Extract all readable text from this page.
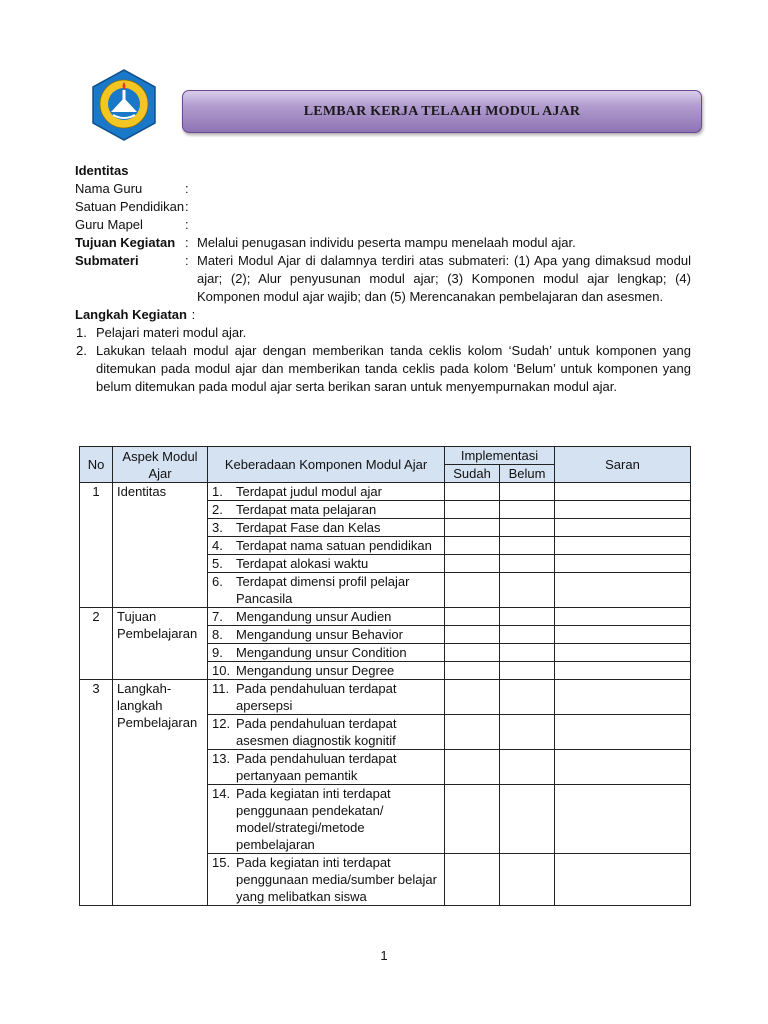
LEMBAR KERJA TELAAH MODUL AJAR
Identitas
Nama Guru	:
Satuan Pendidikan :
Guru Mapel	:
Tujuan Kegiatan : Melalui penugasan individu peserta mampu menelaah modul ajar.
Submateri	: Materi Modul Ajar di dalamnya terdiri atas submateri: (1) Apa yang dimaksud modul ajar; (2); Alur penyusunan modul ajar; (3) Komponen modul ajar lengkap; (4) Komponen modul ajar wajib; dan (5) Merencanakan pembelajaran dan asesmen.
Langkah Kegiatan :
1. Pelajari materi modul ajar.
2. Lakukan telaah modul ajar dengan memberikan tanda ceklis kolom ‘Sudah’ untuk komponen yang ditemukan pada modul ajar dan memberikan tanda ceklis pada kolom ‘Belum’ untuk komponen yang belum ditemukan pada modul ajar serta berikan saran untuk menyempurnakan modul ajar.
No	Aspek Modul Ajar	Keberadaan Komponen Modul Ajar	Implementasi		Saran
			Sudah	Belum	
1	Identitas	1. Terdapat judul modul ajar			

		2. Terdapat mata pelajaran			

		3. Terdapat Fase dan Kelas			

		4. Terdapat nama satuan pendidikan			

		5. Terdapat alokasi waktu			

		6. Terdapat dimensi profil pelajar Pancasila			

2	Tujuan Pembelajaran	7. Mengandung unsur Audien			

		8. Mengandung unsur Behavior			

		9. Mengandung unsur Condition			

		10. Mengandung unsur Degree			

3	Langkah-langkah Pembelajaran	11. Pada pendahuluan terdapat apersepsi			

		12. Pada pendahuluan terdapat asesmen diagnostik kognitif			

		13. Pada pendahuluan terdapat pertanyaan pemantik			

		14. Pada kegiatan inti terdapat penggunaan pendekatan/ model/strategi/metode pembelajaran			

		15. Pada kegiatan inti terdapat penggunaan media/sumber belajar yang melibatkan siswa			

1
